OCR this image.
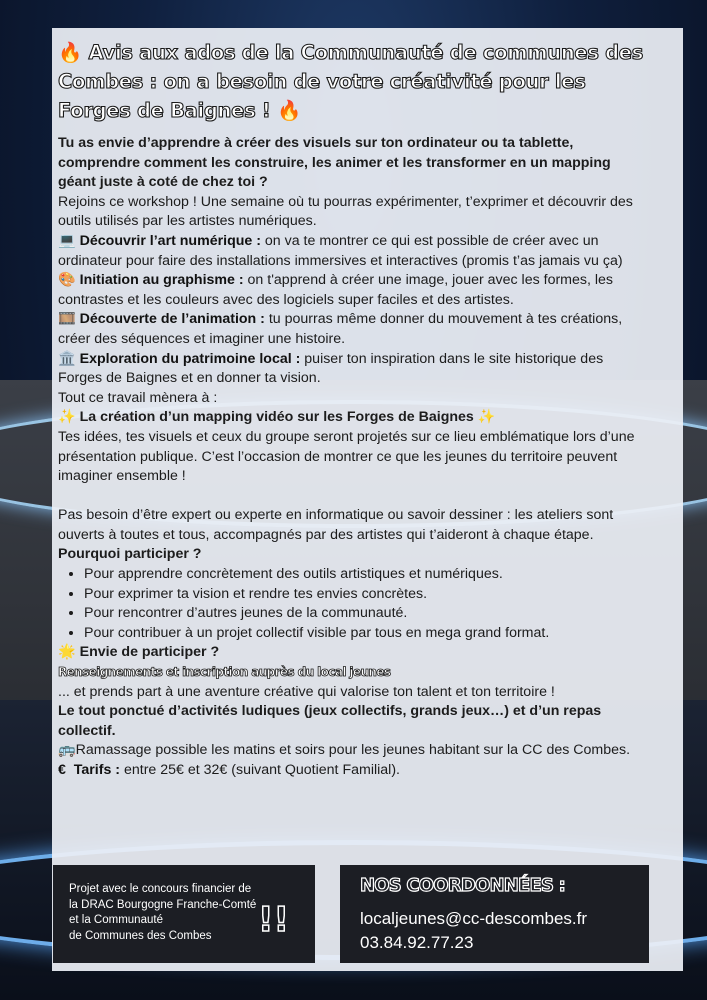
🔥 Avis aux ados de la Communauté de communes des Combes : on a besoin de votre créativité pour les Forges de Baignes ! 🔥

Tu as envie d’apprendre à créer des visuels sur ton ordinateur ou ta tablette, comprendre comment les construire, les animer et les transformer en un mapping géant juste à coté de chez toi ?

Rejoins ce workshop ! Une semaine où tu pourras expérimenter, t’exprimer et découvrir des outils utilisés par les artistes numériques.

💻 Découvrir l’art numérique : on va te montrer ce qui est possible de créer avec un ordinateur pour faire des installations immersives et interactives (promis t’as jamais vu ça)

🎨 Initiation au graphisme : on t'apprend à créer une image, jouer avec les formes, les contrastes et les couleurs avec des logiciels super faciles et des artistes.

🎞️ Découverte de l’animation : tu pourras même donner du mouvement à tes créations, créer des séquences et imaginer une histoire.

🏛️ Exploration du patrimoine local : puiser ton inspiration dans le site historique des Forges de Baignes et en donner ta vision.

Tout ce travail mènera à :

✨ La création d’un mapping vidéo sur les Forges de Baignes ✨

Tes idées, tes visuels et ceux du groupe seront projetés sur ce lieu emblématique lors d’une présentation publique. C’est l’occasion de montrer ce que les jeunes du territoire peuvent imaginer ensemble !

Pas besoin d’être expert ou experte en informatique ou savoir dessiner : les ateliers sont ouverts à toutes et tous, accompagnés par des artistes qui t’aideront à chaque étape.

Pourquoi participer ?

• Pour apprendre concrètement des outils artistiques et numériques.
• Pour exprimer ta vision et rendre tes envies concrètes.
• Pour rencontrer d’autres jeunes de la communauté.
• Pour contribuer à un projet collectif visible par tous en mega grand format.

🌟 Envie de participer ?

Renseignements et inscription auprès du local jeunes

... et prends part à une aventure créative qui valorise ton talent et ton territoire !

Le tout ponctué d’activités ludiques (jeux collectifs, grands jeux…) et d’un repas collectif.

🚌Ramassage possible les matins et soirs pour les jeunes habitant sur la CC des Combes.

€ Tarifs : entre 25€ et 32€ (suivant Quotient Familial).

Projet avec le concours financier de
la DRAC Bourgogne Franche-Comté
et la Communauté
de Communes des Combes	!!
NOS COORDONNÉES :
localjeunes@cc-descombes.fr
03.84.92.77.23
